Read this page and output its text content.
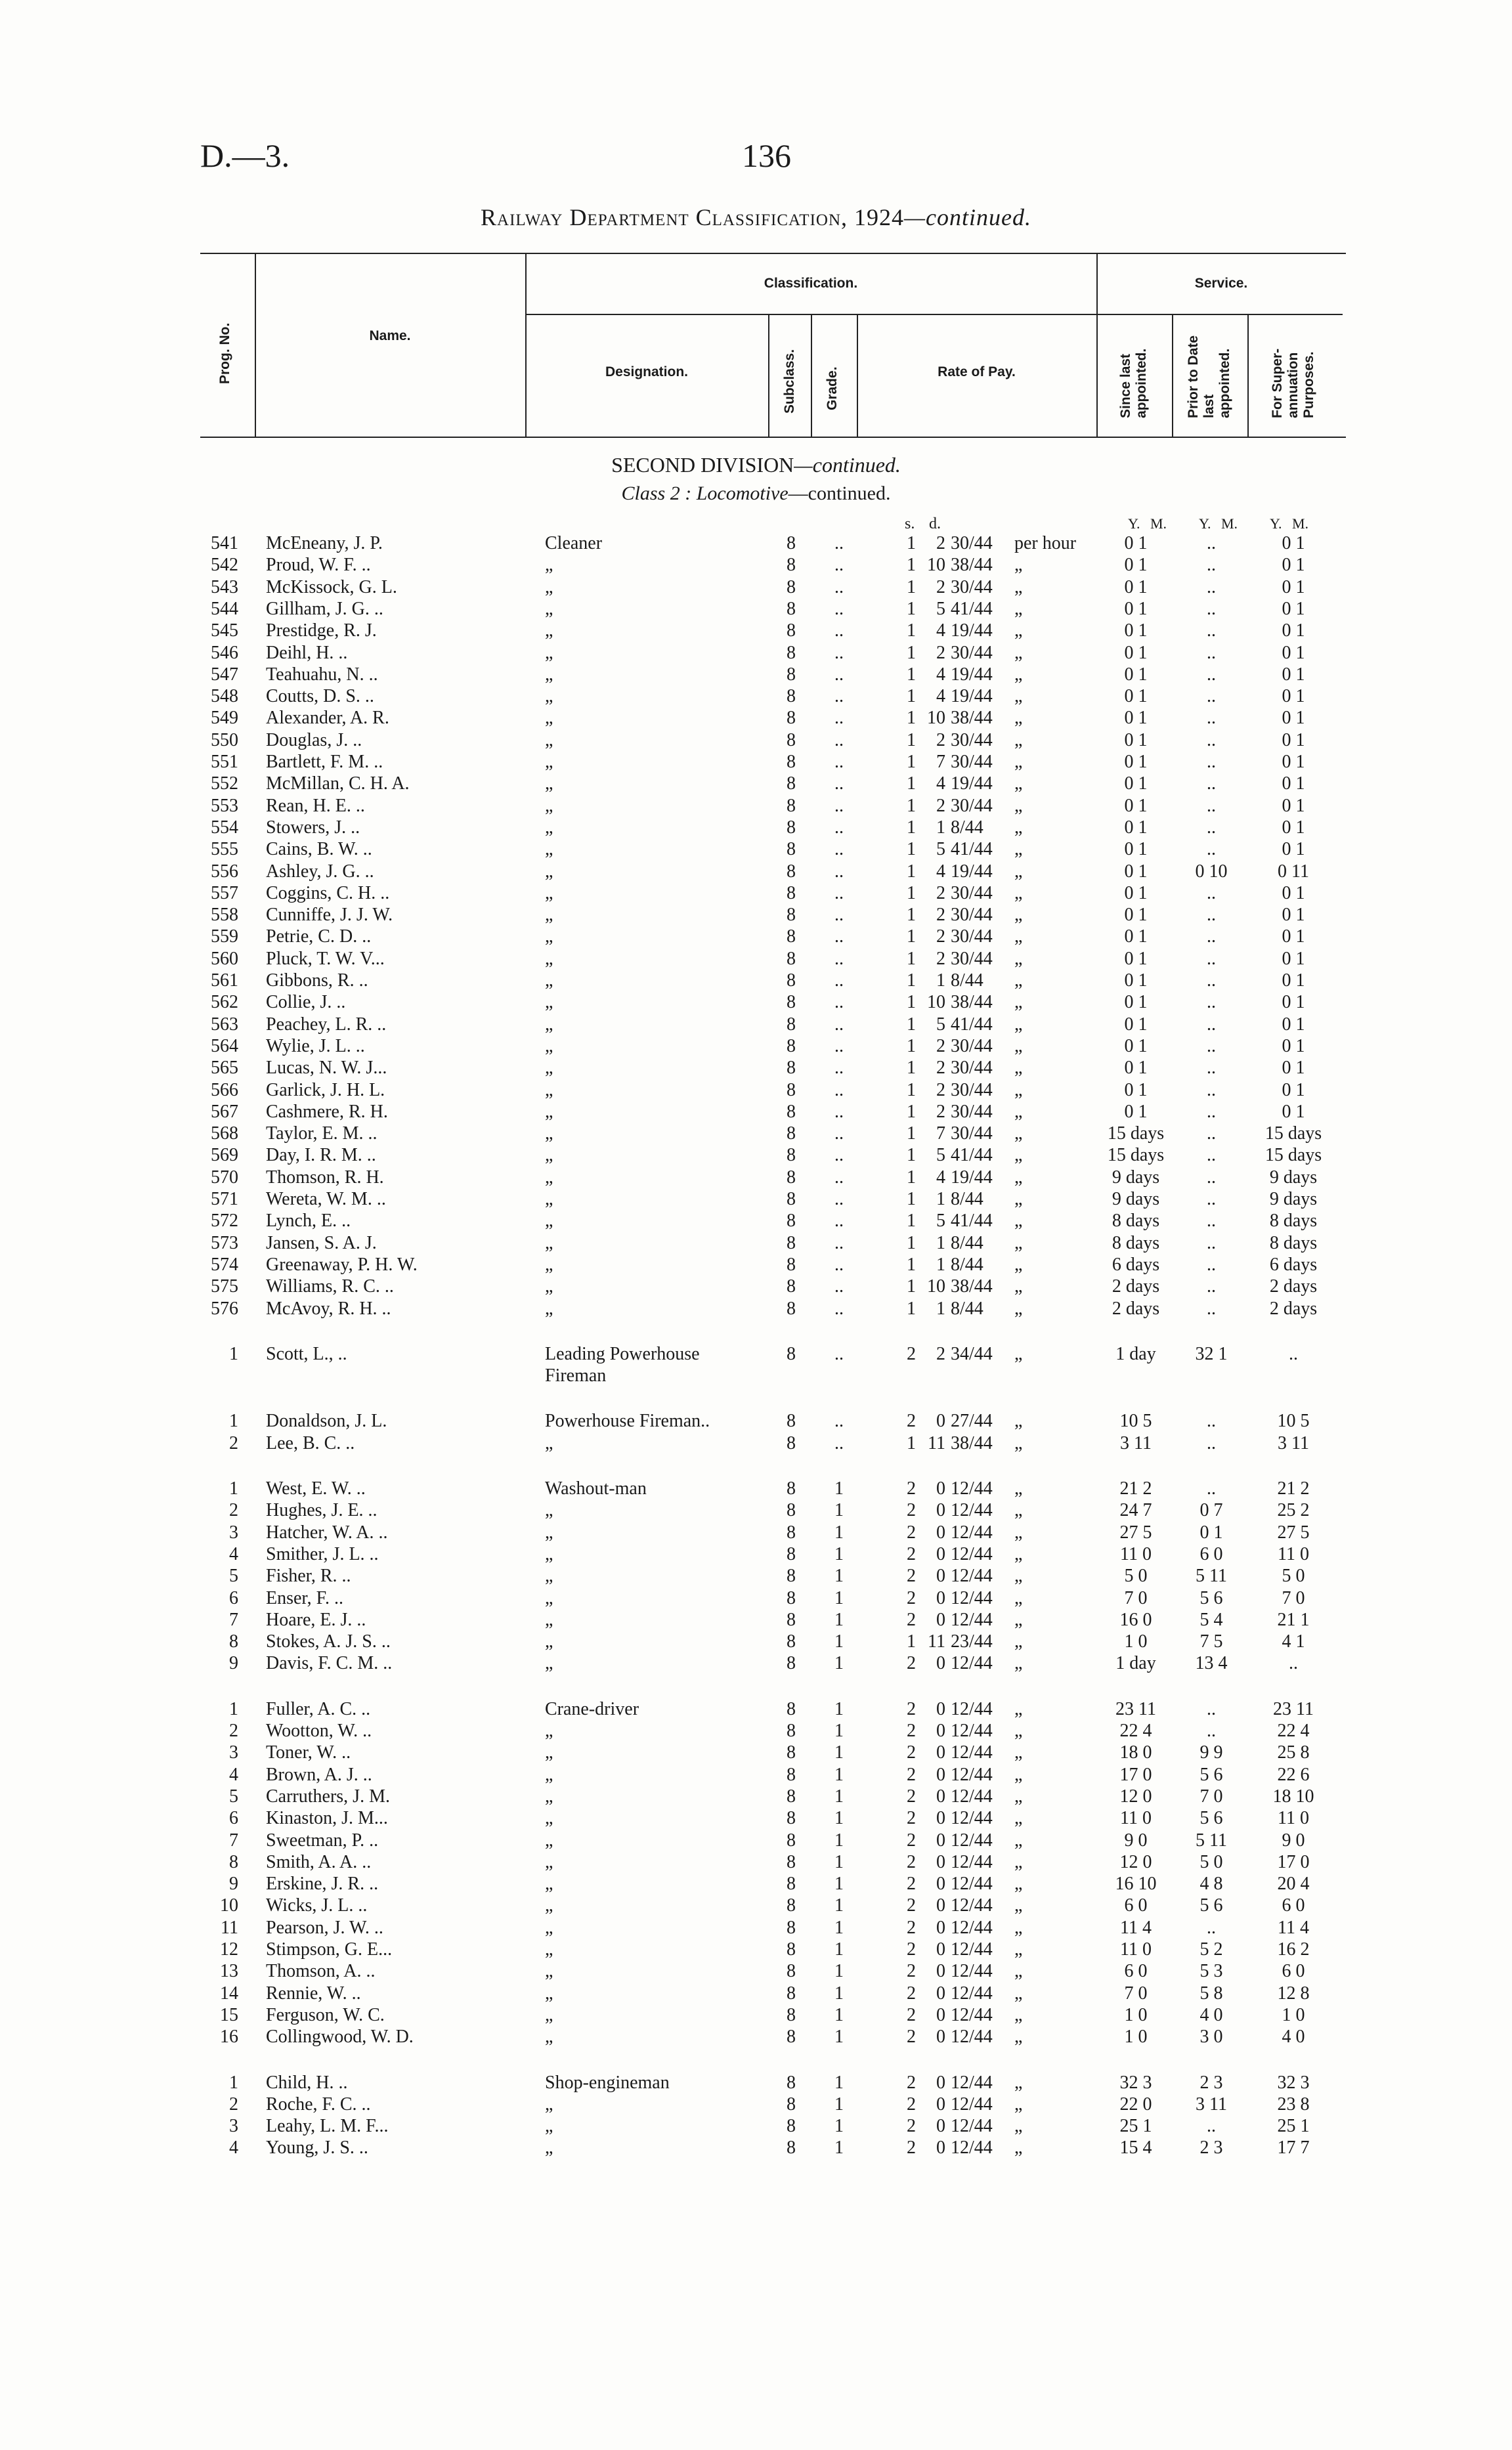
D.—3.	136
Railway Department Classification, 1924—continued.
Prog. No.	Name.
Classification.	Service.
Designation.	Subclass. Grade.	Rate of Pay.	Since last appointed.	Prior to Date last appointed.	For Super-annuation Purposes.
SECOND DIVISION—continued.
Class 2 : Locomotive—continued.
s. d.	Y. M. Y. M. Y. M.
541 McEneany, J. P.	Cleaner	8	..	1	2 30/44	per hour	0 1	..	0 1
542 Proud, W. F. ..	„	8	..	1 10 38/44	„	0 1	..	0 1
543 McKissock, G. L.	„	8	..	1	2 30/44	„	0 1	..	0 1
544 Gillham, J. G. ..	„	8	..	1	5 41/44	„	0 1	..	0 1
545 Prestidge, R. J.	„	8	..	1	4 19/44	„	0 1	..	0 1
546 Deihl, H. ..	„	8	..	1	2 30/44	„	0 1	..	0 1
547 Teahuahu, N. ..	„	8	..	1	4 19/44	„	0 1	..	0 1
548 Coutts, D. S. ..	„	8	..	1	4 19/44	„	0 1	..	0 1
549 Alexander, A. R.	„	8	..	1 10 38/44	„	0 1	..	0 1
550 Douglas, J. ..	„	8	..	1	2 30/44	„	0 1	..	0 1
551 Bartlett, F. M. ..	„	8	..	1	7 30/44	„	0 1	..	0 1
552 McMillan, C. H. A.	„	8	..	1	4 19/44	„	0 1	..	0 1
553 Rean, H. E. ..	„	8	..	1	2 30/44	„	0 1	..	0 1
554 Stowers, J. ..	„	8	..	1	1 8/44	„	0 1	..	0 1
555 Cains, B. W. ..	„	8	..	1	5 41/44	„	0 1	..	0 1
556 Ashley, J. G. ..	„	8	..	1	4 19/44	„	0 1	0 10	0 11
557 Coggins, C. H. ..	„	8	..	1	2 30/44	„	0 1	..	0 1
558 Cunniffe, J. J. W.	„	8	..	1	2 30/44	„	0 1	..	0 1
559 Petrie, C. D. ..	„	8	..	1	2 30/44	„	0 1	..	0 1
560 Pluck, T. W. V...	„	8	..	1	2 30/44	„	0 1	..	0 1
561 Gibbons, R. ..	„	8	..	1	1 8/44	„	0 1	..	0 1
562 Collie, J. ..	„	8	..	1 10 38/44	„	0 1	..	0 1
563 Peachey, L. R. ..	„	8	..	1	5 41/44	„	0 1	..	0 1
564 Wylie, J. L. ..	„	8	..	1	2 30/44	„	0 1	..	0 1
565 Lucas, N. W. J...	„	8	..	1	2 30/44	„	0 1	..	0 1
566 Garlick, J. H. L.	„	8	..	1	2 30/44	„	0 1	..	0 1
567 Cashmere, R. H.	„	8	..	1	2 30/44	„	0 1	..	0 1
568 Taylor, E. M. ..	„	8	..	1	7 30/44	„	15 days	..	15 days
569 Day, I. R. M. ..	„	8	..	1	5 41/44	„	15 days	..	15 days
570 Thomson, R. H.	„	8	..	1	4 19/44	„	9 days	..	9 days
571 Wereta, W. M. ..	„	8	..	1	1 8/44	„	9 days	..	9 days
572 Lynch, E. ..	„	8	..	1	5 41/44	„	8 days	..	8 days
573 Jansen, S. A. J.	„	8	..	1	1 8/44	„	8 days	..	8 days
574 Greenaway, P. H. W.	„	8	..	1	1 8/44	„	6 days	..	6 days
575 Williams, R. C. ..	„	8	..	1 10 38/44	„	2 days	..	2 days
576 McAvoy, R. H. ..	„	8	..	1	1 8/44	„	2 days	..	2 days
1 Scott, L., ..	Leading Powerhouse	8	..	2	2 34/44	„	1 day	32 1	..
Fireman
1 Donaldson, J. L.	Powerhouse Fireman..	8	..	2	0 27/44	„	10 5	..	10 5
2 Lee, B. C. ..	„	8	..	1 11 38/44	„	3 11	..	3 11
1 West, E. W. ..	Washout-man	8	1	2	0 12/44	„	21 2	..	21 2
2 Hughes, J. E. ..	„	8	1	2	0 12/44	„	24 7	0 7	25 2
3 Hatcher, W. A. ..	„	8	1	2	0 12/44	„	27 5	0 1	27 5
4 Smither, J. L. ..	„	8	1	2	0 12/44	„	11 0	6 0	11 0
5 Fisher, R. ..	„	8	1	2	0 12/44	„	5 0	5 11	5 0
6 Enser, F. ..	„	8	1	2	0 12/44	„	7 0	5 6	7 0
7 Hoare, E. J. ..	„	8	1	2	0 12/44	„	16 0	5 4	21 1
8 Stokes, A. J. S. ..	„	8	1	1 11 23/44	„	1 0	7 5	4 1
9 Davis, F. C. M. ..	„	8	1	2	0 12/44	„	1 day	13 4	..
1 Fuller, A. C. ..	Crane-driver	8	1	2	0 12/44	„	23 11	..	23 11
2 Wootton, W. ..	„	8	1	2	0 12/44	„	22 4	..	22 4
3 Toner, W. ..	„	8	1	2	0 12/44	„	18 0	9 9	25 8
4 Brown, A. J. ..	„	8	1	2	0 12/44	„	17 0	5 6	22 6
5 Carruthers, J. M.	„	8	1	2	0 12/44	„	12 0	7 0	18 10
6 Kinaston, J. M...	„	8	1	2	0 12/44	„	11 0	5 6	11 0
7 Sweetman, P. ..	„	8	1	2	0 12/44	„	9 0	5 11	9 0
8 Smith, A. A. ..	„	8	1	2	0 12/44	„	12 0	5 0	17 0
9 Erskine, J. R. ..	„	8	1	2	0 12/44	„	16 10	4 8	20 4
10 Wicks, J. L. ..	„	8	1	2	0 12/44	„	6 0	5 6	6 0
11 Pearson, J. W. ..	„	8	1	2	0 12/44	„	11 4	..	11 4
12 Stimpson, G. E...	„	8	1	2	0 12/44	„	11 0	5 2	16 2
13 Thomson, A. ..	„	8	1	2	0 12/44	„	6 0	5 3	6 0
14 Rennie, W. ..	„	8	1	2	0 12/44	„	7 0	5 8	12 8
15 Ferguson, W. C.	„	8	1	2	0 12/44	„	1 0	4 0	1 0
16 Collingwood, W. D.	„	8	1	2	0 12/44	„	1 0	3 0	4 0
1 Child, H. ..	Shop-engineman	8	1	2	0 12/44	„	32 3	2 3	32 3
2 Roche, F. C. ..	„	8	1	2	0 12/44	„	22 0	3 11	23 8
3 Leahy, L. M. F...	„	8	1	2	0 12/44	„	25 1	..	25 1
4 Young, J. S. ..	„	8	1	2	0 12/44	„	15 4	2 3	17 7
